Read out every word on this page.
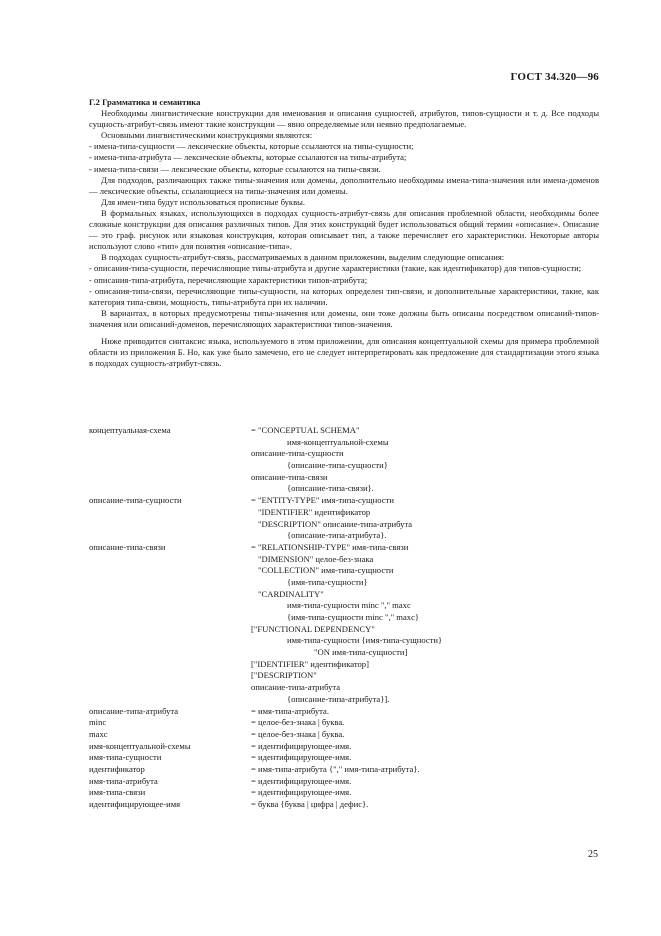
ГОСТ 34.320—96

Г.2 Грамматика и семантика

Необходимы лингвистические конструкции для именования и описания сущностей, атрибутов, типов-сущности и т. д. Все подходы сущность-атрибут-связь имеют такие конструкции — явно определяемые или неявно предполагаемые.

Основными лингвистическими конструкциями являются:

- имена-типа-сущности — лексические объекты, которые ссылаются на типы-сущности;

- имена-типа-атрибута — лексические объекты, которые ссылаются на типы-атрибута;

- имена-типа-связи — лексические объекты, которые ссылаются на типы-связи.

Для подходов, различающих также типы-значения или домены, дополнительно необходимы имена-типа-значения или имена-доменов — лексические объекты, ссылающиеся на типы-значения или домены.

Для имен-типа будут использоваться прописные буквы.

В формальных языках, использующихся в подходах сущность-атрибут-связь для описания проблемной области, необходимы более сложные конструкции для описания различных типов. Для этих конструкций будет использоваться общий термин «описание». Описание — это граф. рисунок или языковая конструкция, которая описывает тип, а также перечисляет его характеристики. Некоторые авторы используют слово «тип» для понятия «описание-типа».

В подходах сущность-атрибут-связь, рассматриваемых в данном приложении, выделим следующие описания:

- описания-типа-сущности, перечисляющие типы-атрибута и другие характеристики (такие, как идентификатор) для типов-сущности;

- описания-типа-атрибута, перечисляющие характеристики типов-атрибута;

- описания-типа-связи, перечисляющие типы-сущности, на которых определен тип-связи, и дополнительные характеристики, такие, как категория типа-связи, мощность, типы-атрибута при их наличии.

В вариантах, в которых предусмотрены типы-значения или домены, они тоже должны быть описаны посредством описаний-типов-значения или описаний-доменов, перечисляющих характеристики типов-значения.

Ниже приводится синтаксис языка, используемого в этом приложении, для описания концептуальной схемы для примера проблемной области из приложения Б. Но, как уже было замечено, его не следует интерпретировать как предложение для стандартизации этого языка в подходах сущность-атрибут-связь.

концептуальная-схема	= "CONCEPTUAL SCHEMA"
имя-концептуальной-схемы
описание-типа-сущности
{описание-типа-сущности}
описание-типа-связи
{описание-типа-связи}.
описание-типа-сущности	= "ENTITY-TYPE" имя-типа-сущности
"IDENTIFIER" идентификатор
"DESCRIPTION" описание-типа-атрибута
{описание-типа-атрибута}.
описание-типа-связи	= "RELATIONSHIP-TYPE" имя-типа-связи
"DIMENSION" целое-без-знака
"COLLECTION" имя-типа-сущности
{имя-типа-сущности}
"CARDINALITY"
имя-типа-сущности minc "," maxc
{имя-типа-сущности minc "," maxc}
["FUNCTIONAL DEPENDENCY"
имя-типа-сущности {имя-типа-сущности}
"ON имя-типа-сущности]
["IDENTIFIER" идентификатор]
["DESCRIPTION"
описание-типа-атрибута
{описание-типа-атрибута}].
описание-типа-атрибута	= имя-типа-атрибута.
minc	= целое-без-знака | буква.
maxc	= целое-без-знака | буква.
имя-концептуальной-схемы	= идентифицирующее-имя.
имя-типа-сущности	= идентифицирующее-имя.
идентификатор	= имя-типа-атрибута {"," имя-типа-атрибута}.
имя-типа-атрибута	= идентифицирующее-имя.
имя-типа-связи	= идентифицирующее-имя.
идентифицирующее-имя	= буква {буква | цифра | дефис}.
25
